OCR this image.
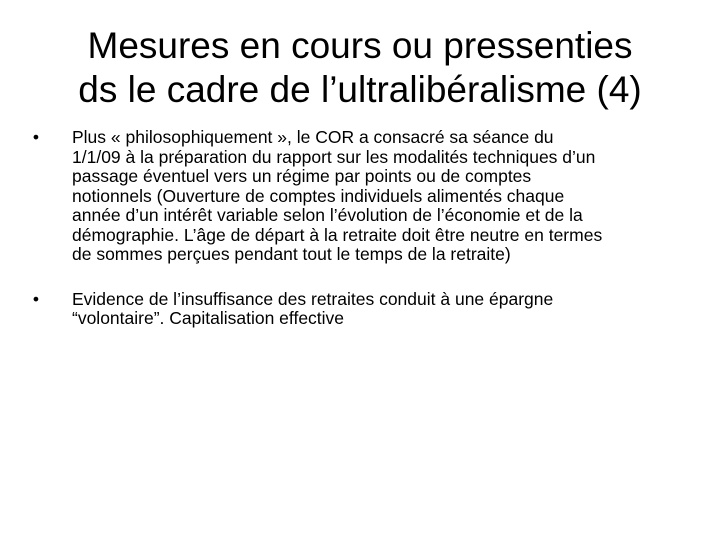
Mesures en cours ou pressenties
ds le cadre de l’ultralibéralisme (4)
• Plus « philosophiquement », le COR a consacré sa séance du
1/1/09 à la préparation du rapport sur les modalités techniques d’un
passage éventuel vers un régime par points ou de comptes
notionnels (Ouverture de comptes individuels alimentés chaque
année d’un intérêt variable selon l’évolution de l’économie et de la
démographie. L’âge de départ à la retraite doit être neutre en termes
de sommes perçues pendant tout le temps de la retraite)
• Evidence de l’insuffisance des retraites conduit à une épargne
“volontaire”. Capitalisation effective
